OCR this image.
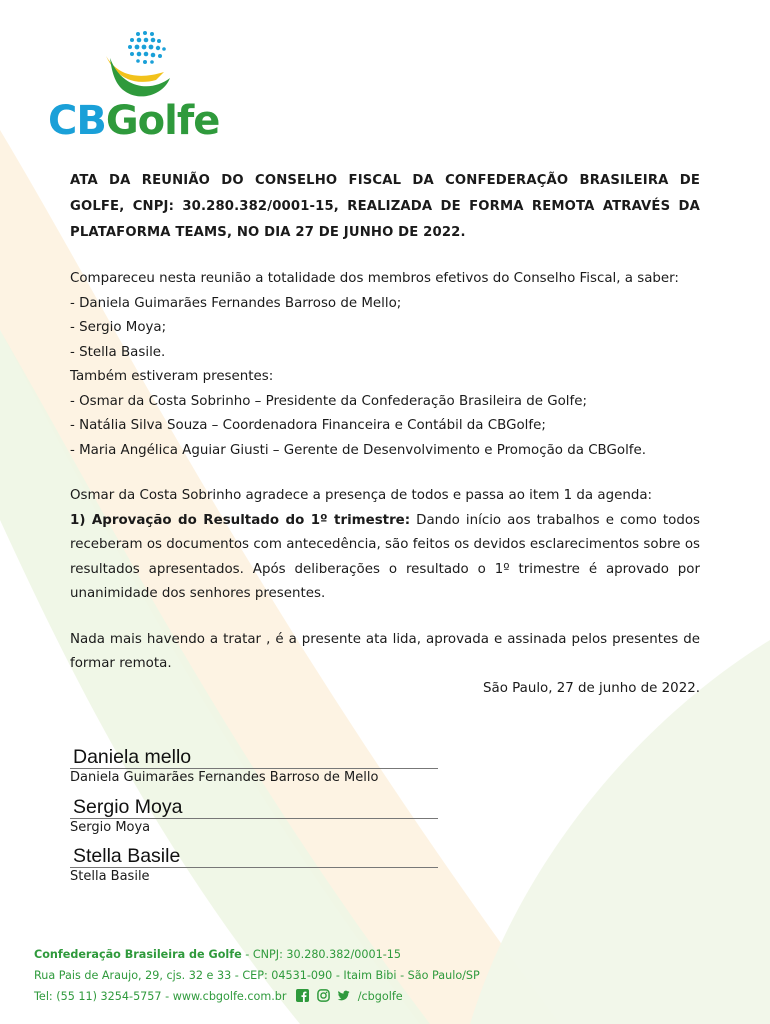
CBGolfe

ATA DA REUNIÃO DO CONSELHO FISCAL DA CONFEDERAÇÃO BRASILEIRA DE GOLFE, CNPJ: 30.280.382/0001-15, REALIZADA DE FORMA REMOTA ATRAVÉS DA PLATAFORMA TEAMS, NO DIA 27 DE JUNHO DE 2022.

Compareceu nesta reunião a totalidade dos membros efetivos do Conselho Fiscal, a saber:

- Daniela Guimarães Fernandes Barroso de Mello;

- Sergio Moya;

- Stella Basile.

Também estiveram presentes:

- Osmar da Costa Sobrinho – Presidente da Confederação Brasileira de Golfe;

- Natália Silva Souza – Coordenadora Financeira e Contábil da CBGolfe;

- Maria Angélica Aguiar Giusti – Gerente de Desenvolvimento e Promoção da CBGolfe.

Osmar da Costa Sobrinho agradece a presença de todos e passa ao item 1 da agenda:

1) Aprovação do Resultado do 1º trimestre: Dando início aos trabalhos e como todos receberam os documentos com antecedência, são feitos os devidos esclarecimentos sobre os resultados apresentados. Após deliberações o resultado o 1º trimestre é aprovado por unanimidade dos senhores presentes.

Nada mais havendo a tratar , é a presente ata lida, aprovada e assinada pelos presentes de formar remota.

São Paulo, 27 de junho de 2022.

Daniela mello
Daniela Guimarães Fernandes Barroso de Mello
Sergio Moya
Sergio Moya
Stella Basile
Stella Basile
Confederação Brasileira de Golfe - CNPJ: 30.280.382/0001-15
Rua Pais de Araujo, 29, cjs. 32 e 33 - CEP: 04531-090 - Itaim Bibi - São Paulo/SP
Tel: (55 11) 3254-5757 - www.cbgolfe.com.br	/cbgolfe
